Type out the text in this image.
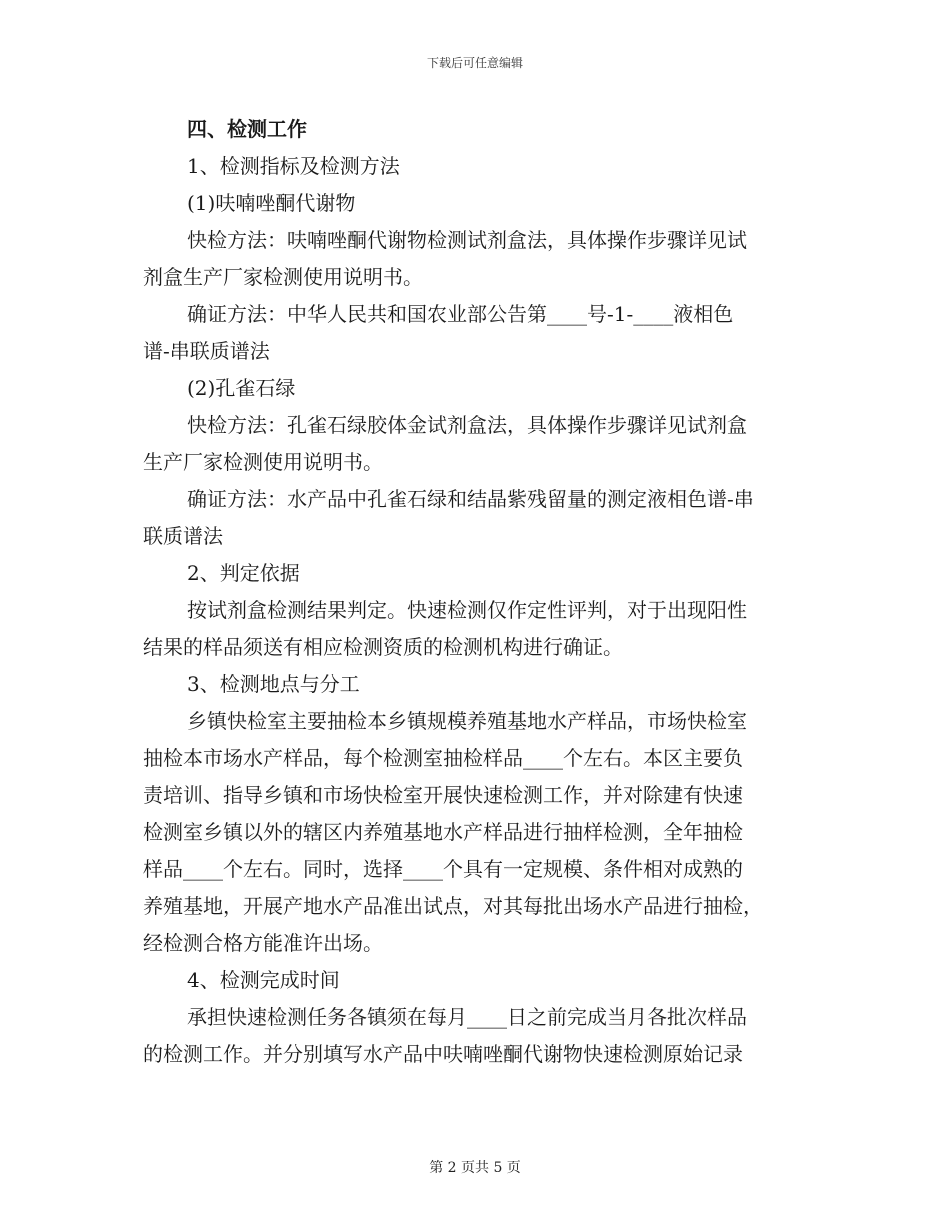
下载后可任意编辑
四、检测工作
1、检测指标及检测方法
(1)呋喃唑酮代谢物
快检方法：呋喃唑酮代谢物检测试剂盒法，具体操作步骤详见试
剂盒生产厂家检测使用说明书。
确证方法：中华人民共和国农业部公告第____号-1-____液相色
谱-串联质谱法
(2)孔雀石绿
快检方法：孔雀石绿胶体金试剂盒法，具体操作步骤详见试剂盒
生产厂家检测使用说明书。
确证方法：水产品中孔雀石绿和结晶紫残留量的测定液相色谱-串
联质谱法
2、判定依据
按试剂盒检测结果判定。快速检测仅作定性评判，对于出现阳性
结果的样品须送有相应检测资质的检测机构进行确证。
3、检测地点与分工
乡镇快检室主要抽检本乡镇规模养殖基地水产样品，市场快检室
抽检本市场水产样品，每个检测室抽检样品____个左右。本区主要负
责培训、指导乡镇和市场快检室开展快速检测工作，并对除建有快速
检测室乡镇以外的辖区内养殖基地水产样品进行抽样检测，全年抽检
样品____个左右。同时，选择____个具有一定规模、条件相对成熟的
养殖基地，开展产地水产品准出试点，对其每批出场水产品进行抽检，
经检测合格方能准许出场。
4、检测完成时间
承担快速检测任务各镇须在每月____日之前完成当月各批次样品
的检测工作。并分别填写水产品中呋喃唑酮代谢物快速检测原始记录
第 2 页共 5 页
